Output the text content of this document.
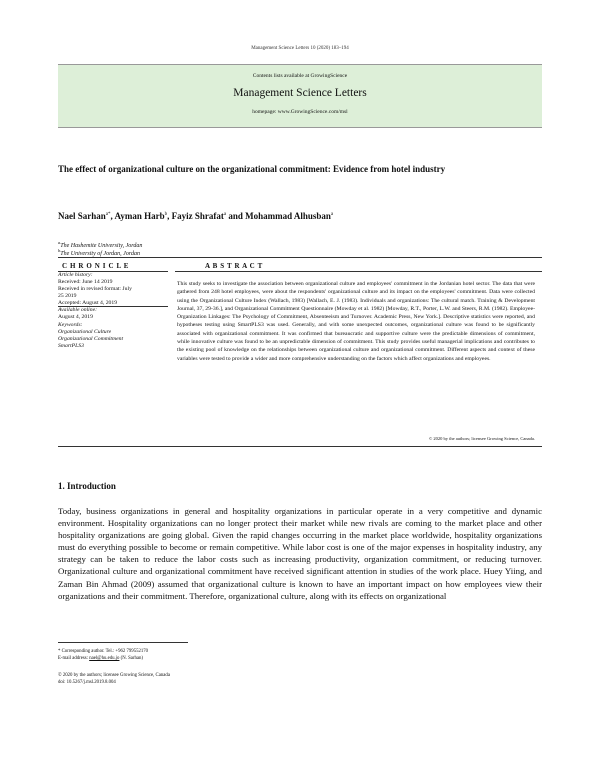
Management Science Letters 10 (2020) 183–194
Contents lists available at GrowingScience
Management Science Letters
homepage: www.GrowingScience.com/msl
The effect of organizational culture on the organizational commitment: Evidence from hotel industry
Nael Sarhan$^{a*}$, Ayman Harb$^b$, Fayiz Shrafat$^a$ and Mohammad Alhusban$^a$
$^a$The Hashemite University, Jordan
$^b$The University of Jordan, Jordan
C H R O N I C L E	A B S T R A C T
Article history:
Received: June 14 2019
Received in revised format: July
25 2019
Accepted: August 4, 2019
Available online:
August 4, 2019
Keywords:
Organizational Culture
Organizational Commitment
SmartPLS3
This study seeks to investigate the association between organizational culture and employees' commitment in the Jordanian hotel sector. The data that were gathered from 248 hotel employees, were about the respondents' organizational culture and its impact on the employees' commitment. Data were collected using the Organizational Culture Index (Wallach, 1983) [Wallach, E. J. (1983). Individuals and organizations: The cultural match. Training & Development Journal, 37, 29-36.], and Organizational Commitment Questionnaire (Mowday et al. 1982) [Mowday, R.T., Porter, L.W. and Steers, R.M. (1982). Employee-Organization Linkages: The Psychology of Commitment, Absenteeism and Turnover. Academic Press, New York.]. Descriptive statistics were reported, and hypotheses testing using SmartPLS3 was used. Generally, and with some unexpected outcomes, organizational culture was found to be significantly associated with organizational commitment. It was confirmed that bureaucratic and supportive culture were the predictable dimensions of commitment, while innovative culture was found to be an unpredictable dimension of commitment. This study provides useful managerial implications and contributes to the existing pool of knowledge on the relationships between organizational culture and organizational commitment. Different aspects and context of these variables were tested to provide a wider and more comprehensive understanding on the factors which affect organizations and employees.
© 2020 by the authors; licensee Growing Science, Canada.
1. Introduction
Today, business organizations in general and hospitality organizations in particular operate in a very competitive and dynamic environment. Hospitality organizations can no longer protect their market while new rivals are coming to the market place and other hospitality organizations are going global. Given the rapid changes occurring in the market place worldwide, hospitality organizations must do everything possible to become or remain competitive. While labor cost is one of the major expenses in hospitality industry, any strategy can be taken to reduce the labor costs such as increasing productivity, organization commitment, or reducing turnover. Organizational culture and organizational commitment have received significant attention in studies of the work place. Huey Yiing, and Zaman Bin Ahmad (2009) assumed that organizational culture is known to have an important impact on how employees view their organizations and their commitment. Therefore, organizational culture, along with its effects on organizational
* Corresponding author. Tel.: +962 799552170
E-mail address: nael@hu.edu.jo (N. Sarhan)
© 2020 by the authors; licensee Growing Science, Canada
doi: 10.5267/j.msl.2019.8.004
